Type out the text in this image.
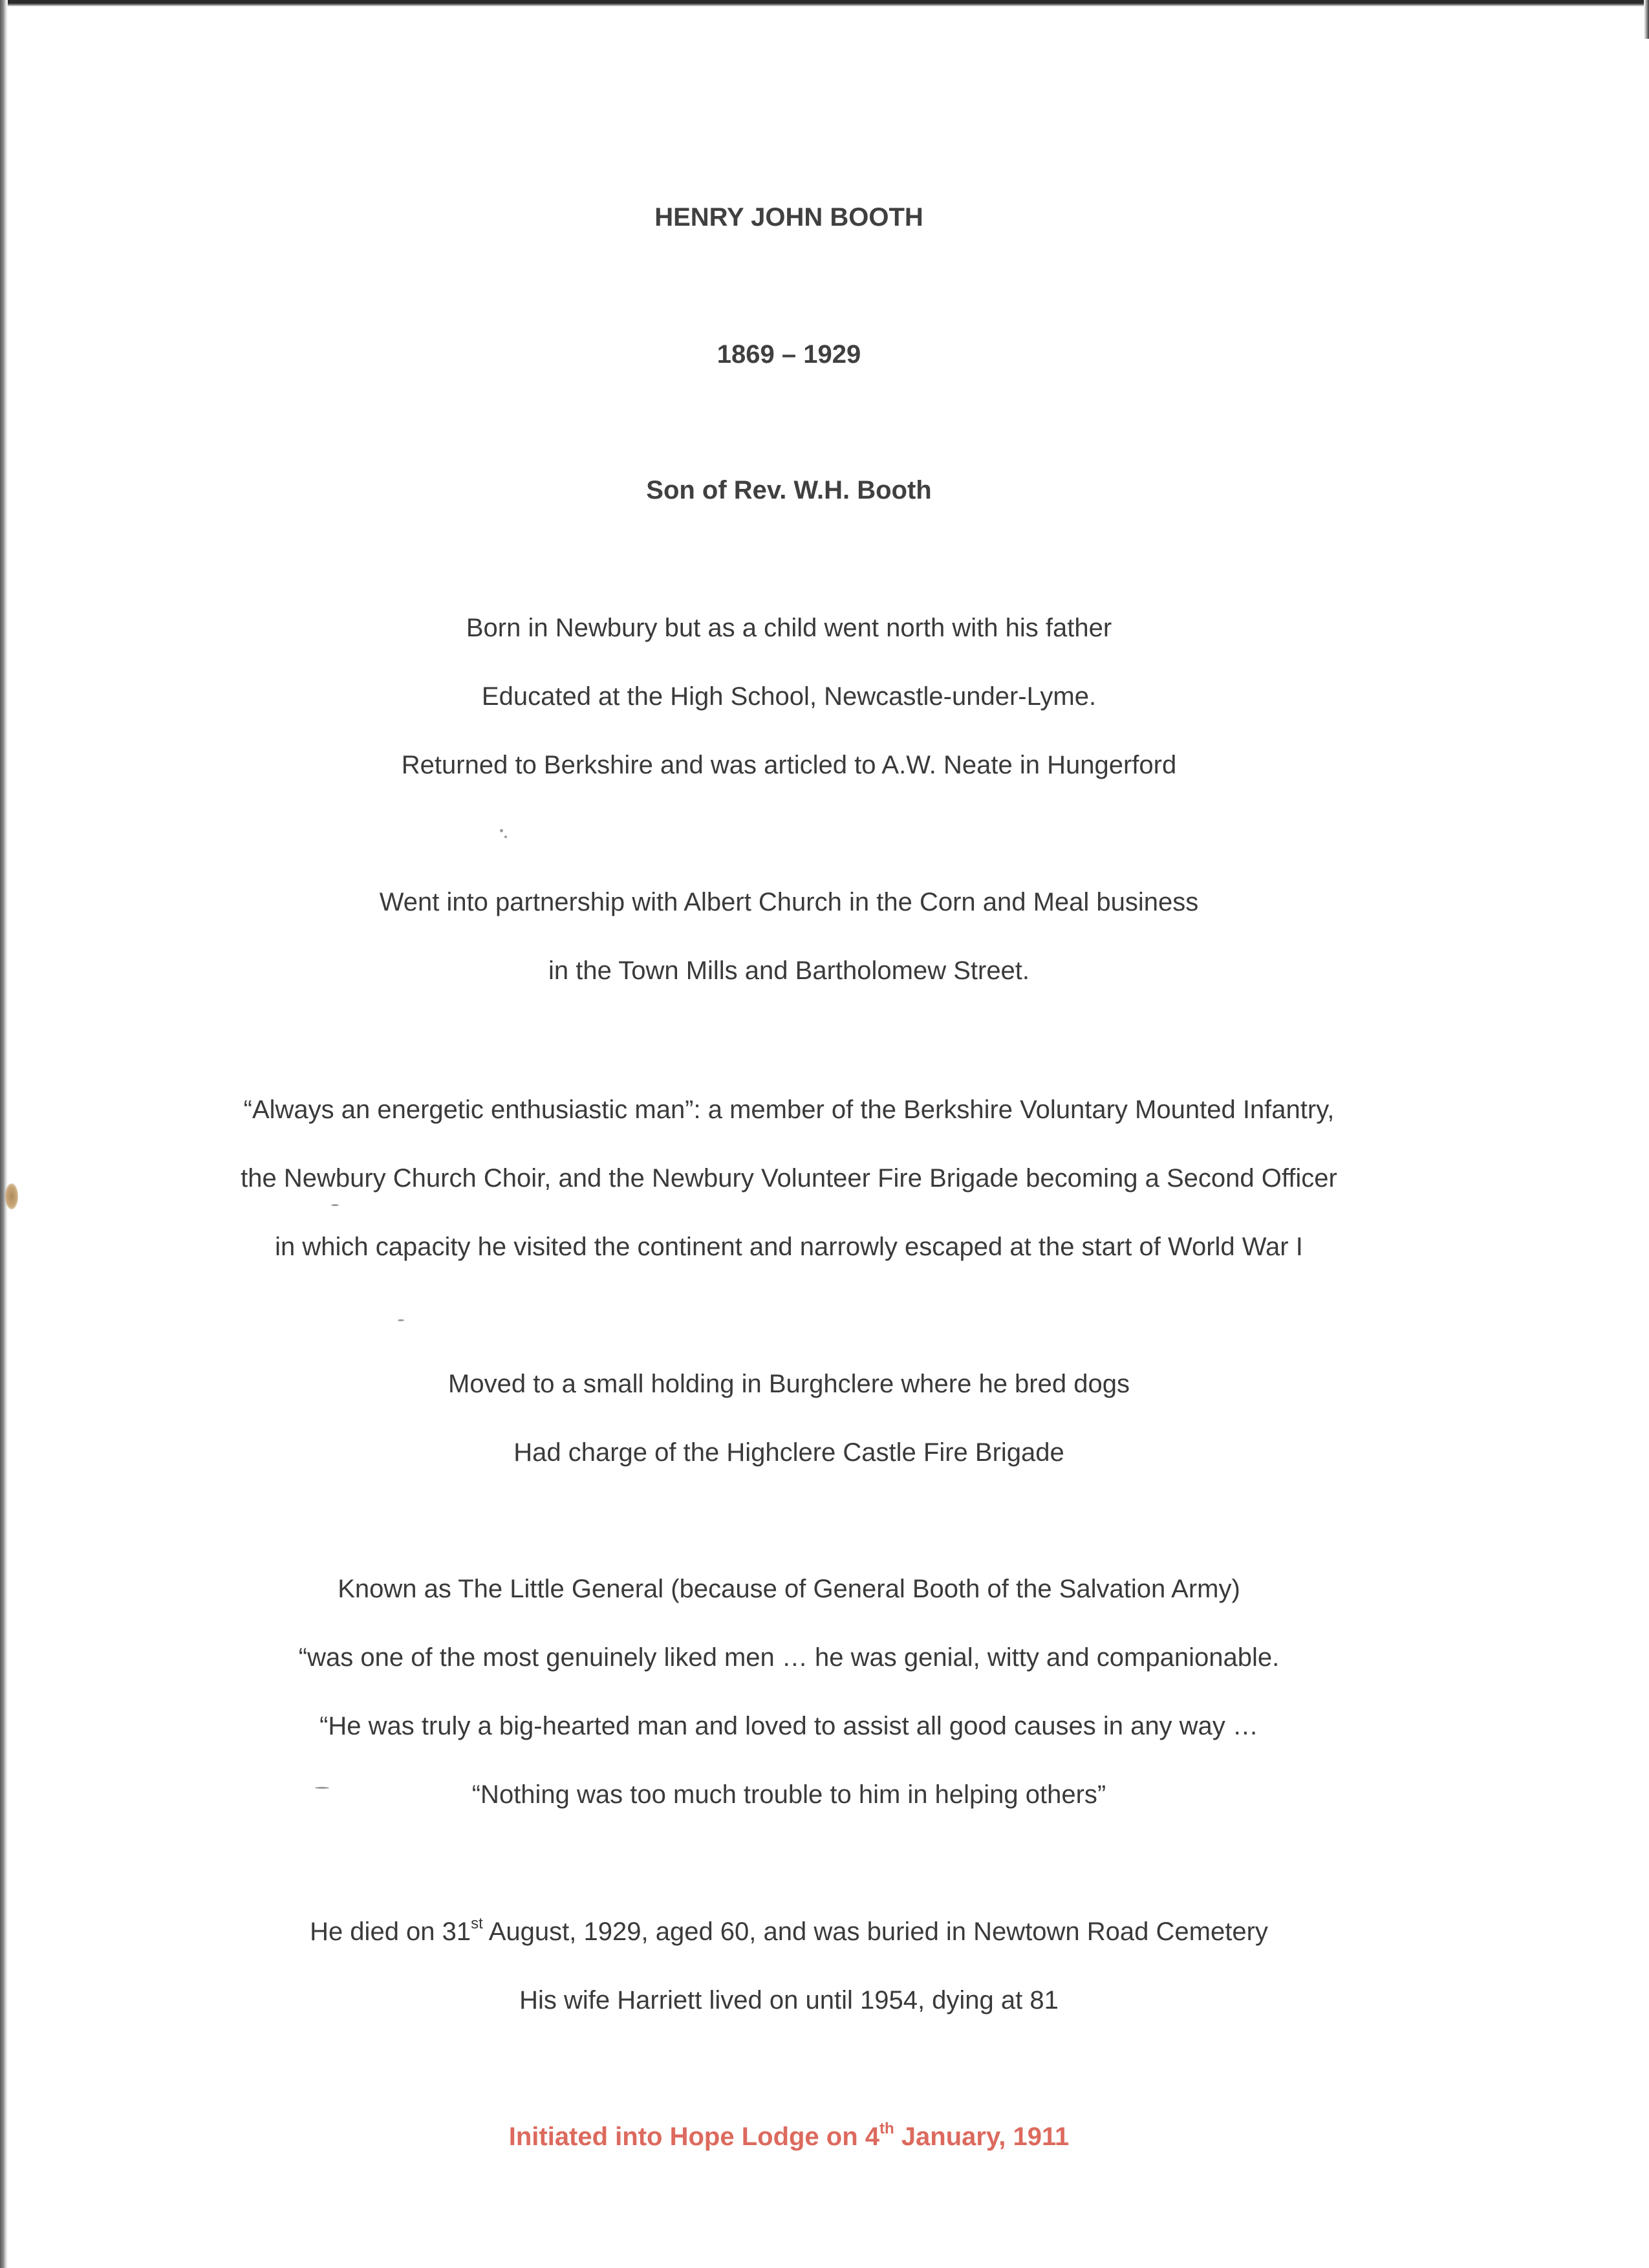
HENRY JOHN BOOTH
1869 – 1929
Son of Rev. W.H. Booth
Born in Newbury but as a child went north with his father
Educated at the High School, Newcastle-under-Lyme.
Returned to Berkshire and was articled to A.W. Neate in Hungerford
Went into partnership with Albert Church in the Corn and Meal business
in the Town Mills and Bartholomew Street.
“Always an energetic enthusiastic man”: a member of the Berkshire Voluntary Mounted Infantry,
the Newbury Church Choir, and the Newbury Volunteer Fire Brigade becoming a Second Officer
in which capacity he visited the continent and narrowly escaped at the start of World War I
Moved to a small holding in Burghclere where he bred dogs
Had charge of the Highclere Castle Fire Brigade
Known as The Little General (because of General Booth of the Salvation Army)
“was one of the most genuinely liked men … he was genial, witty and companionable.
“He was truly a big-hearted man and loved to assist all good causes in any way …
“Nothing was too much trouble to him in helping others”
He died on 31st August, 1929, aged 60, and was buried in Newtown Road Cemetery
His wife Harriett lived on until 1954, dying at 81
Initiated into Hope Lodge on 4th January, 1911
